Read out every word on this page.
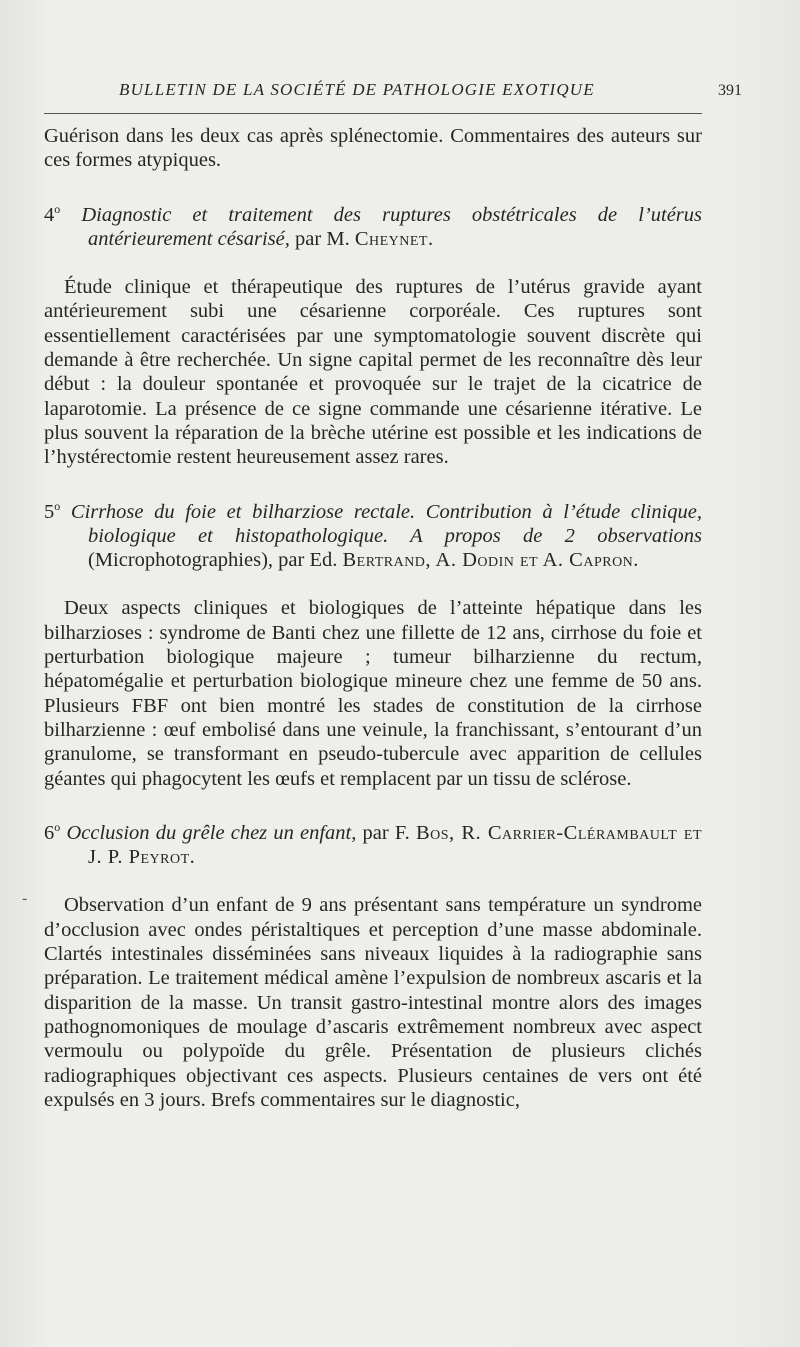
BULLETIN DE LA SOCIÉTÉ DE PATHOLOGIE EXOTIQUE	391
-

Guérison dans les deux cas après splénectomie. Commentaires des auteurs sur ces formes atypiques.

4$^o$ Diagnostic et traitement des ruptures obstétricales de l’utérus antérieurement césarisé, par M. Cheynet.

Étude clinique et thérapeutique des ruptures de l’utérus gravide ayant antérieurement subi une césarienne corporéale. Ces ruptures sont essentiellement caractérisées par une symptomatologie souvent discrète qui demande à être recherchée. Un signe capital permet de les reconnaître dès leur début : la douleur spontanée et provoquée sur le trajet de la cicatrice de laparotomie. La présence de ce signe commande une césarienne itérative. Le plus souvent la réparation de la brèche utérine est possible et les indications de l’hystérectomie restent heureusement assez rares.

5$^o$ Cirrhose du foie et bilharziose rectale. Contribution à l’étude clinique, biologique et histopathologique. A propos de 2 observations (Microphotographies), par Ed. Bertrand, A. Dodin et A. Capron.

Deux aspects cliniques et biologiques de l’atteinte hépatique dans les bilharzioses : syndrome de Banti chez une fillette de 12 ans, cirrhose du foie et perturbation biologique majeure ; tumeur bilharzienne du rectum, hépatomégalie et perturbation biologique mineure chez une femme de 50 ans. Plusieurs FBF ont bien montré les stades de constitution de la cirrhose bilharzienne : œuf embolisé dans une veinule, la franchissant, s’entourant d’un granulome, se transformant en pseudo-tubercule avec apparition de cellules géantes qui phagocytent les œufs et remplacent par un tissu de sclérose.

6$^o$ Occlusion du grêle chez un enfant, par F. Bos, R. Carrier-Clérambault et J. P. Peyrot.

Observation d’un enfant de 9 ans présentant sans température un syndrome d’occlusion avec ondes péristaltiques et perception d’une masse abdominale. Clartés intestinales disséminées sans niveaux liquides à la radiographie sans préparation. Le traitement médical amène l’expulsion de nombreux ascaris et la disparition de la masse. Un transit gastro-intestinal montre alors des images pathognomoniques de moulage d’ascaris extrêmement nombreux avec aspect vermoulu ou polypoïde du grêle. Présentation de plusieurs clichés radiographiques objectivant ces aspects. Plusieurs centaines de vers ont été expulsés en 3 jours. Brefs commentaires sur le diagnostic,
